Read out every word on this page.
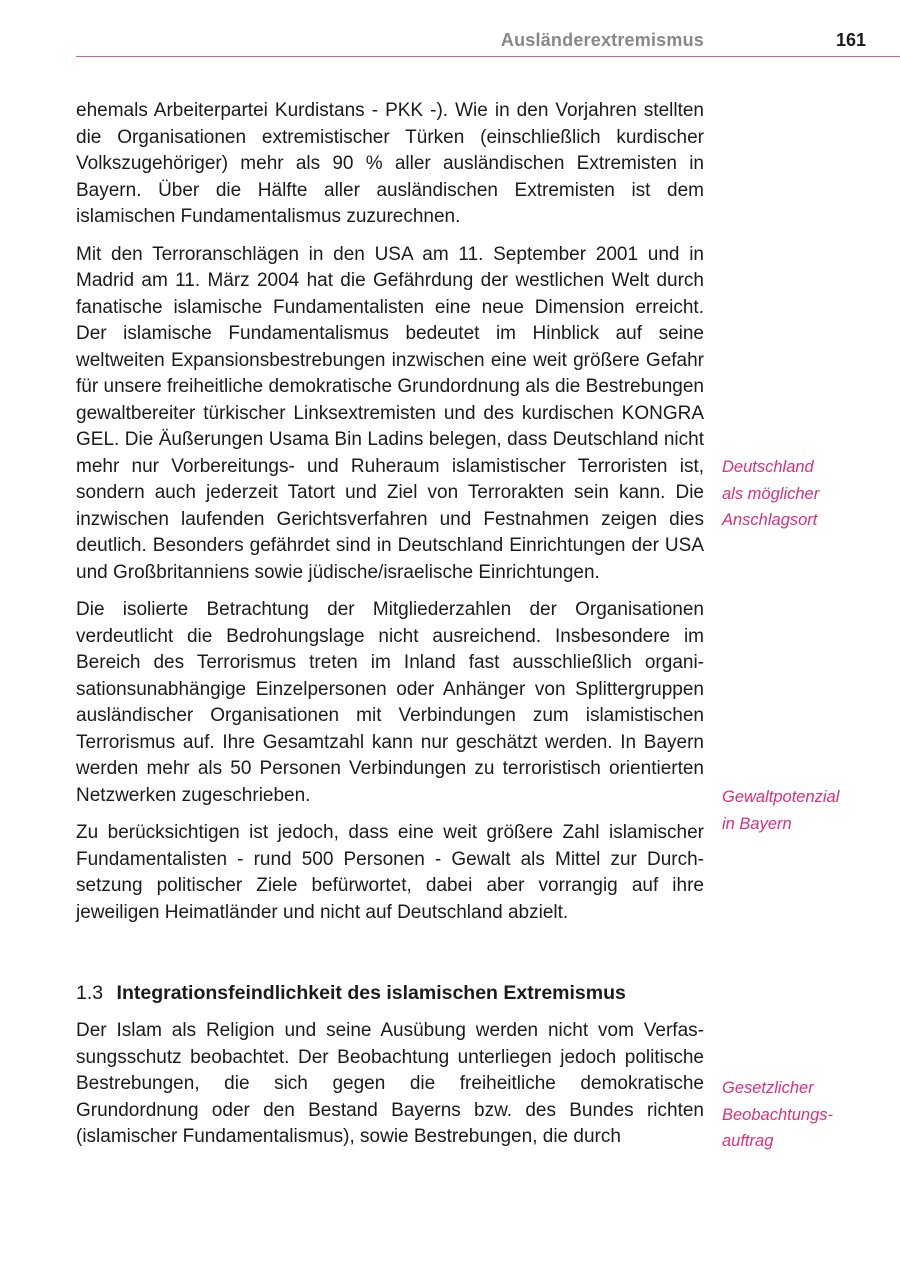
Ausländerextremismus	161

ehemals Arbeiterpartei Kurdistans - PKK -). Wie in den Vorjahren stellten die Organisationen extremistischer Türken (einschließlich kurdischer Volkszugehöriger) mehr als 90 % aller ausländischen Extremisten in Bayern. Über die Hälfte aller ausländischen Extremisten ist dem islamischen Fundamentalismus zuzurechnen.

Mit den Terroranschlägen in den USA am 11. September 2001 und in Madrid am 11. März 2004 hat die Gefährdung der westlichen Welt durch fanatische islamische Fundamentalisten eine neue Dimension erreicht. Der islamische Fundamentalismus bedeutet im Hinblick auf seine weltweiten Expansionsbestrebungen inzwischen eine weit größere Gefahr für unsere freiheitliche demokratische Grundordnung als die Bestrebungen gewaltbereiter türkischer Linksextremisten und des kurdischen KONGRA GEL. Die Äußerungen Usama Bin Ladins belegen, dass Deutschland nicht mehr nur Vorbereitungs- und Ruheraum islamistischer Terroristen ist, sondern auch jederzeit Tatort und Ziel von Terrorakten sein kann. Die inzwischen laufenden Gerichtsverfahren und Festnahmen zeigen dies deutlich. Besonders gefährdet sind in Deutschland Einrichtungen der USA und Großbritanniens sowie jüdische/israelische Einrichtungen.

Die isolierte Betrachtung der Mitgliederzahlen der Organisationen verdeutlicht die Bedrohungslage nicht ausreichend. Insbesondere im Bereich des Terrorismus treten im Inland fast ausschließlich organisationsunabhängige Einzelpersonen oder Anhänger von Splittergruppen ausländischer Organisationen mit Verbindungen zum islamistischen Terrorismus auf. Ihre Gesamtzahl kann nur geschätzt werden. In Bayern werden mehr als 50 Personen Verbindungen zu terroristisch orientierten Netzwerken zugeschrieben.

Zu berücksichtigen ist jedoch, dass eine weit größere Zahl islamischer Fundamentalisten - rund 500 Personen - Gewalt als Mittel zur Durchsetzung politischer Ziele befürwortet, dabei aber vorrangig auf ihre jeweiligen Heimatländer und nicht auf Deutschland abzielt.

1.3 Integrationsfeindlichkeit des islamischen Extremismus

Der Islam als Religion und seine Ausübung werden nicht vom Verfassungsschutz beobachtet. Der Beobachtung unterliegen jedoch politische Bestrebungen, die sich gegen die freiheitliche demokratische Grundordnung oder den Bestand Bayerns bzw. des Bundes richten (islamischer Fundamentalismus), sowie Bestrebungen, die durch

Deutschland
als möglicher
Anschlagsort
Gewaltpotenzial
in Bayern
Gesetzlicher
Beobachtungs-
auftrag
